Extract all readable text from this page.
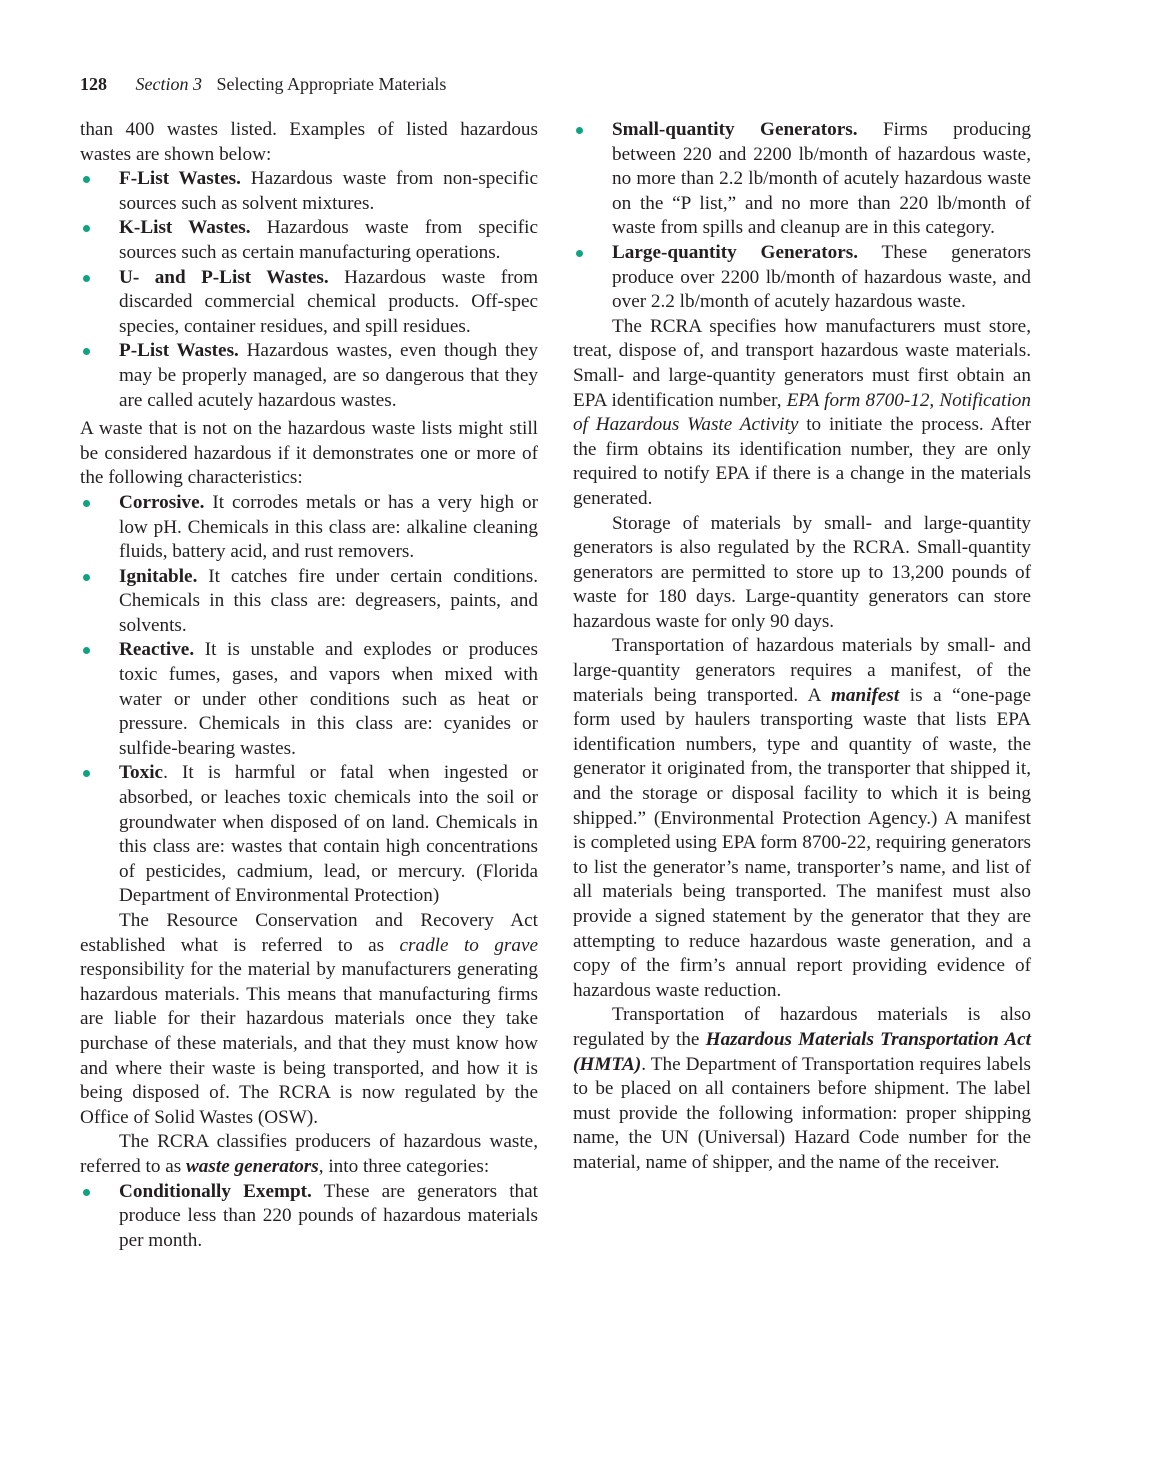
128 Section 3 Selecting Appropriate Materials

than 400 wastes listed. Examples of listed hazardous wastes are shown below:

F-List Wastes. Hazardous waste from non-specific sources such as solvent mixtures.
K-List Wastes. Hazardous waste from specific sources such as certain manufacturing operations.
U- and P-List Wastes. Hazardous waste from discarded commercial chemical products. Off-spec species, container residues, and spill residues.
P-List Wastes. Hazardous wastes, even though they may be properly managed, are so dangerous that they are called acutely hazardous wastes.

A waste that is not on the hazardous waste lists might still be considered hazardous if it demonstrates one or more of the following characteristics:

Corrosive. It corrodes metals or has a very high or low pH. Chemicals in this class are: alkaline cleaning fluids, battery acid, and rust removers.
Ignitable. It catches fire under certain conditions. Chemicals in this class are: degreasers, paints, and solvents.
Reactive. It is unstable and explodes or produces toxic fumes, gases, and vapors when mixed with water or under other conditions such as heat or pressure. Chemicals in this class are: cyanides or sulfide-bearing wastes.
Toxic. It is harmful or fatal when ingested or absorbed, or leaches toxic chemicals into the soil or groundwater when disposed of on land. Chemicals in this class are: wastes that contain high concentrations of pesticides, cadmium, lead, or mercury. (Florida Department of Environmental Protection)

The Resource Conservation and Recovery Act established what is referred to as cradle to grave responsibility for the material by manufacturers generating hazardous materials. This means that manufacturing firms are liable for their hazardous materials once they take purchase of these materials, and that they must know how and where their waste is being transported, and how it is being disposed of. The RCRA is now regulated by the Office of Solid Wastes (OSW).

The RCRA classifies producers of hazardous waste, referred to as waste generators, into three categories:

Conditionally Exempt. These are generators that produce less than 220 pounds of hazardous materials per month.
Small-quantity Generators. Firms producing between 220 and 2200 lb/month of hazardous waste, no more than 2.2 lb/month of acutely hazardous waste on the “P list,” and no more than 220 lb/month of waste from spills and cleanup are in this category.
Large-quantity Generators. These generators produce over 2200 lb/month of hazardous waste, and over 2.2 lb/month of acutely hazardous waste.

The RCRA specifies how manufacturers must store, treat, dispose of, and transport hazardous waste materials. Small- and large-quantity generators must first obtain an EPA identification number, EPA form 8700-12, Notification of Hazardous Waste Activity to initiate the process. After the firm obtains its identification number, they are only required to notify EPA if there is a change in the materials generated.

Storage of materials by small- and large-quantity generators is also regulated by the RCRA. Small-quantity generators are permitted to store up to 13,200 pounds of waste for 180 days. Large-quantity generators can store hazardous waste for only 90 days.

Transportation of hazardous materials by small- and large-quantity generators requires a manifest, of the materials being transported. A manifest is a “one-page form used by haulers transporting waste that lists EPA identification numbers, type and quantity of waste, the generator it originated from, the transporter that shipped it, and the storage or disposal facility to which it is being shipped.” (Environmental Protection Agency.) A manifest is completed using EPA form 8700-22, requiring generators to list the generator’s name, transporter’s name, and list of all materials being transported. The manifest must also provide a signed statement by the generator that they are attempting to reduce hazardous waste generation, and a copy of the firm’s annual report providing evidence of hazardous waste reduction.

Transportation of hazardous materials is also regulated by the Hazardous Materials Transportation Act (HMTA). The Department of Transportation requires labels to be placed on all containers before shipment. The label must provide the following information: proper shipping name, the UN (Universal) Hazard Code number for the material, name of shipper, and the name of the receiver.
